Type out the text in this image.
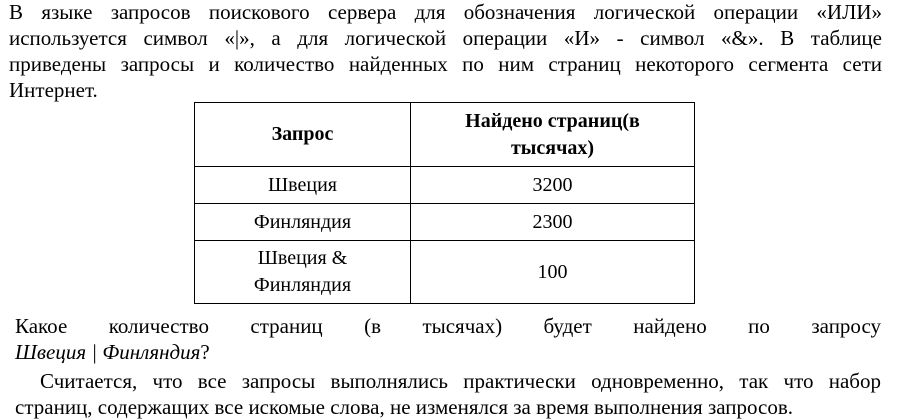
В языке запросов поискового сервера для обозначения логической операции «ИЛИ»
используется символ «|», а для логической операции «И» - символ «&». В таблице
приведены запросы и количество найденных по ним страниц некоторого сегмента сети
Интернет.
Запрос	Найдено страниц(в
тысячах)

Швеция	3200
Финляндия	2300

Швеция &
Финляндия	100
Какое количество страниц (в тысячах) будет найдено по запросу
Швеция | Финляндия?
Считается, что все запросы выполнялись практически одновременно, так что набор
страниц, содержащих все искомые слова, не изменялся за время выполнения запросов.
